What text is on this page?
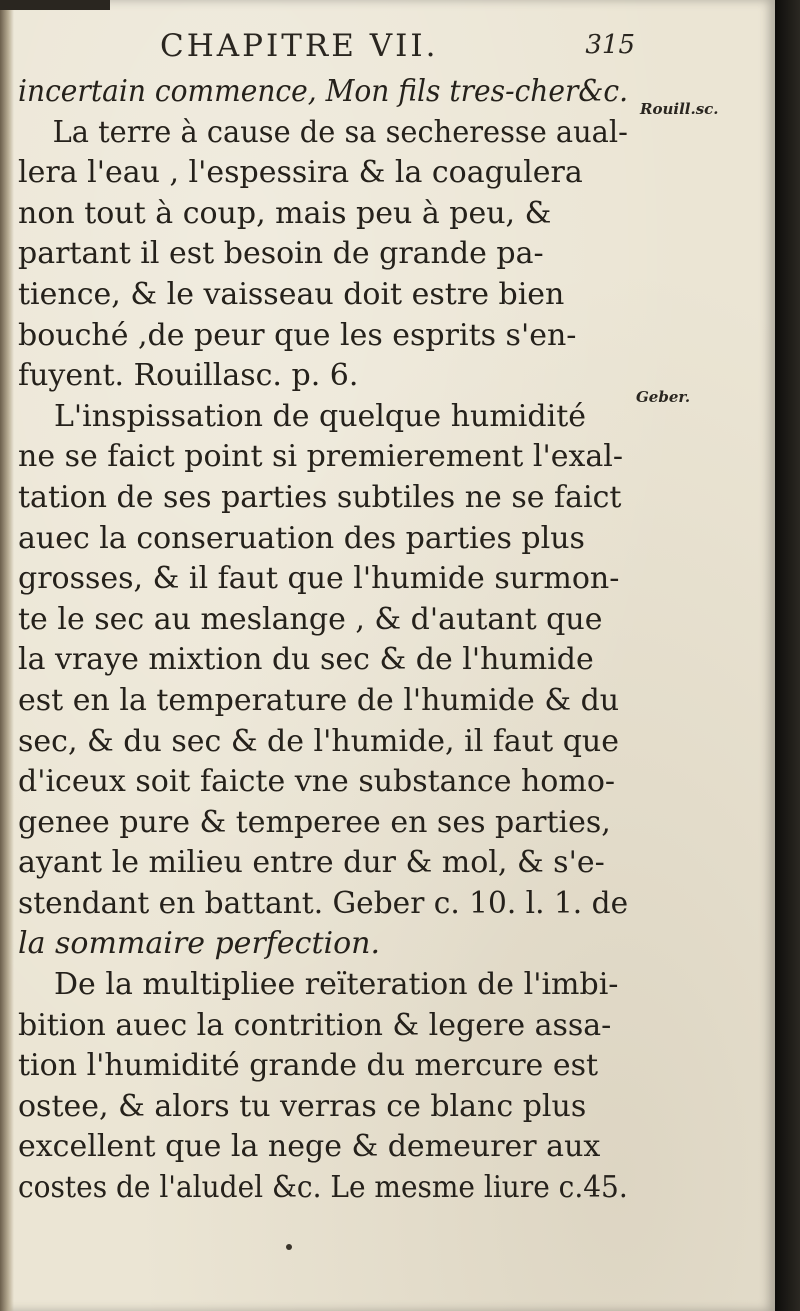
CHAPITRE VII.	315
Rouill.sc.
Geber.
incertain commence, Mon fils tres-cher&c.
La terre à cause de sa secheresse aual-
lera l'eau , l'espessira & la coagulera
non tout à coup, mais peu à peu, &
partant il est besoin de grande pa-
tience, & le vaisseau doit estre bien
bouché ,de peur que les esprits s'en-
fuyent. Rouillasc. p. 6.
L'inspissation de quelque humidité
ne se faict point si premierement l'exal-
tation de ses parties subtiles ne se faict
auec la conseruation des parties plus
grosses, & il faut que l'humide surmon-
te le sec au meslange , & d'autant que
la vraye mixtion du sec & de l'humide
est en la temperature de l'humide & du
sec, & du sec & de l'humide, il faut que
d'iceux soit faicte vne substance homo-
genee pure & temperee en ses parties,
ayant le milieu entre dur & mol, & s'e-
stendant en battant. Geber c. 10. l. 1. de
la sommaire perfection.
De la multipliee reïteration de l'imbi-
bition auec la contrition & legere assa-
tion l'humidité grande du mercure est
ostee, & alors tu verras ce blanc plus
excellent que la nege & demeurer aux
costes de l'aludel &c. Le mesme liure c.45.
